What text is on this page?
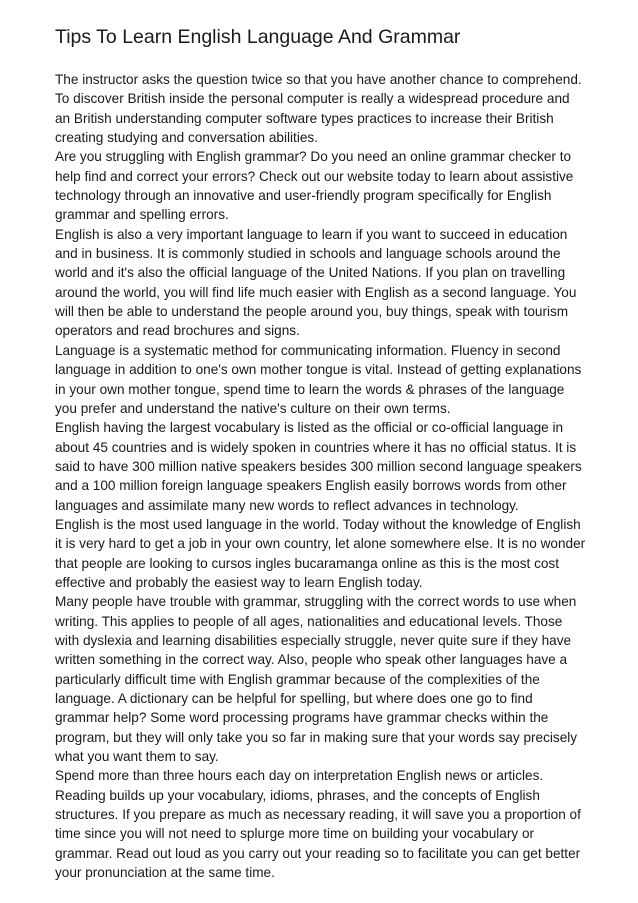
Tips To Learn English Language And Grammar

The instructor asks the question twice so that you have another chance to comprehend. To discover British inside the personal computer is really a widespread procedure and an British understanding computer software types practices to increase their British creating studying and conversation abilities.

Are you struggling with English grammar? Do you need an online grammar checker to help find and correct your errors? Check out our website today to learn about assistive technology through an innovative and user-friendly program specifically for English grammar and spelling errors.

English is also a very important language to learn if you want to succeed in education and in business. It is commonly studied in schools and language schools around the world and it's also the official language of the United Nations. If you plan on travelling around the world, you will find life much easier with English as a second language. You will then be able to understand the people around you, buy things, speak with tourism operators and read brochures and signs.

Language is a systematic method for communicating information. Fluency in second language in addition to one's own mother tongue is vital. Instead of getting explanations in your own mother tongue, spend time to learn the words & phrases of the language you prefer and understand the native's culture on their own terms.

English having the largest vocabulary is listed as the official or co-official language in about 45 countries and is widely spoken in countries where it has no official status. It is said to have 300 million native speakers besides 300 million second language speakers and a 100 million foreign language speakers English easily borrows words from other languages and assimilate many new words to reflect advances in technology.

English is the most used language in the world. Today without the knowledge of English it is very hard to get a job in your own country, let alone somewhere else. It is no wonder that people are looking to cursos ingles bucaramanga online as this is the most cost effective and probably the easiest way to learn English today.

Many people have trouble with grammar, struggling with the correct words to use when writing. This applies to people of all ages, nationalities and educational levels. Those with dyslexia and learning disabilities especially struggle, never quite sure if they have written something in the correct way. Also, people who speak other languages have a particularly difficult time with English grammar because of the complexities of the language. A dictionary can be helpful for spelling, but where does one go to find grammar help? Some word processing programs have grammar checks within the program, but they will only take you so far in making sure that your words say precisely what you want them to say.

Spend more than three hours each day on interpretation English news or articles. Reading builds up your vocabulary, idioms, phrases, and the concepts of English structures. If you prepare as much as necessary reading, it will save you a proportion of time since you will not need to splurge more time on building your vocabulary or grammar. Read out loud as you carry out your reading so to facilitate you can get better your pronunciation at the same time.
